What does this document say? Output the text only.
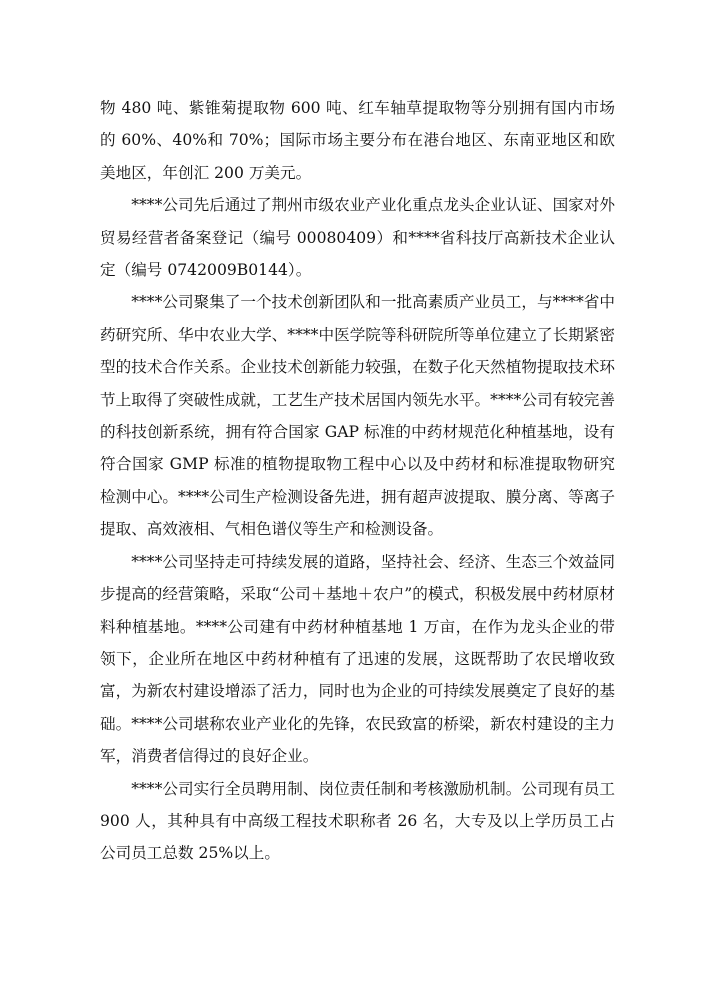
物 480 吨、紫锥菊提取物 600 吨、红车轴草提取物等分别拥有国内市场的 60%、40%和 70%；国际市场主要分布在港台地区、东南亚地区和欧美地区，年创汇 200 万美元。

****公司先后通过了荆州市级农业产业化重点龙头企业认证、国家对外贸易经营者备案登记（编号 00080409）和****省科技厅高新技术企业认定（编号 0742009B0144）。

****公司聚集了一个技术创新团队和一批高素质产业员工，与****省中药研究所、华中农业大学、****中医学院等科研院所等单位建立了长期紧密型的技术合作关系。企业技术创新能力较强，在数子化天然植物提取技术环节上取得了突破性成就，工艺生产技术居国内领先水平。****公司有较完善的科技创新系统，拥有符合国家 GAP 标准的中药材规范化种植基地，设有符合国家 GMP 标准的植物提取物工程中心以及中药材和标准提取物研究检测中心。****公司生产检测设备先进，拥有超声波提取、膜分离、等离子提取、高效液相、气相色谱仪等生产和检测设备。

****公司坚持走可持续发展的道路，坚持社会、经济、生态三个效益同步提高的经营策略，采取“公司＋基地＋农户”的模式，积极发展中药材原材料种植基地。****公司建有中药材种植基地 1 万亩，在作为龙头企业的带领下，企业所在地区中药材种植有了迅速的发展，这既帮助了农民增收致富，为新农村建设增添了活力，同时也为企业的可持续发展奠定了良好的基础。****公司堪称农业产业化的先锋，农民致富的桥梁，新农村建设的主力军，消费者信得过的良好企业。

****公司实行全员聘用制、岗位责任制和考核激励机制。公司现有员工 900 人，其种具有中高级工程技术职称者 26 名，大专及以上学历员工占公司员工总数 25%以上。
